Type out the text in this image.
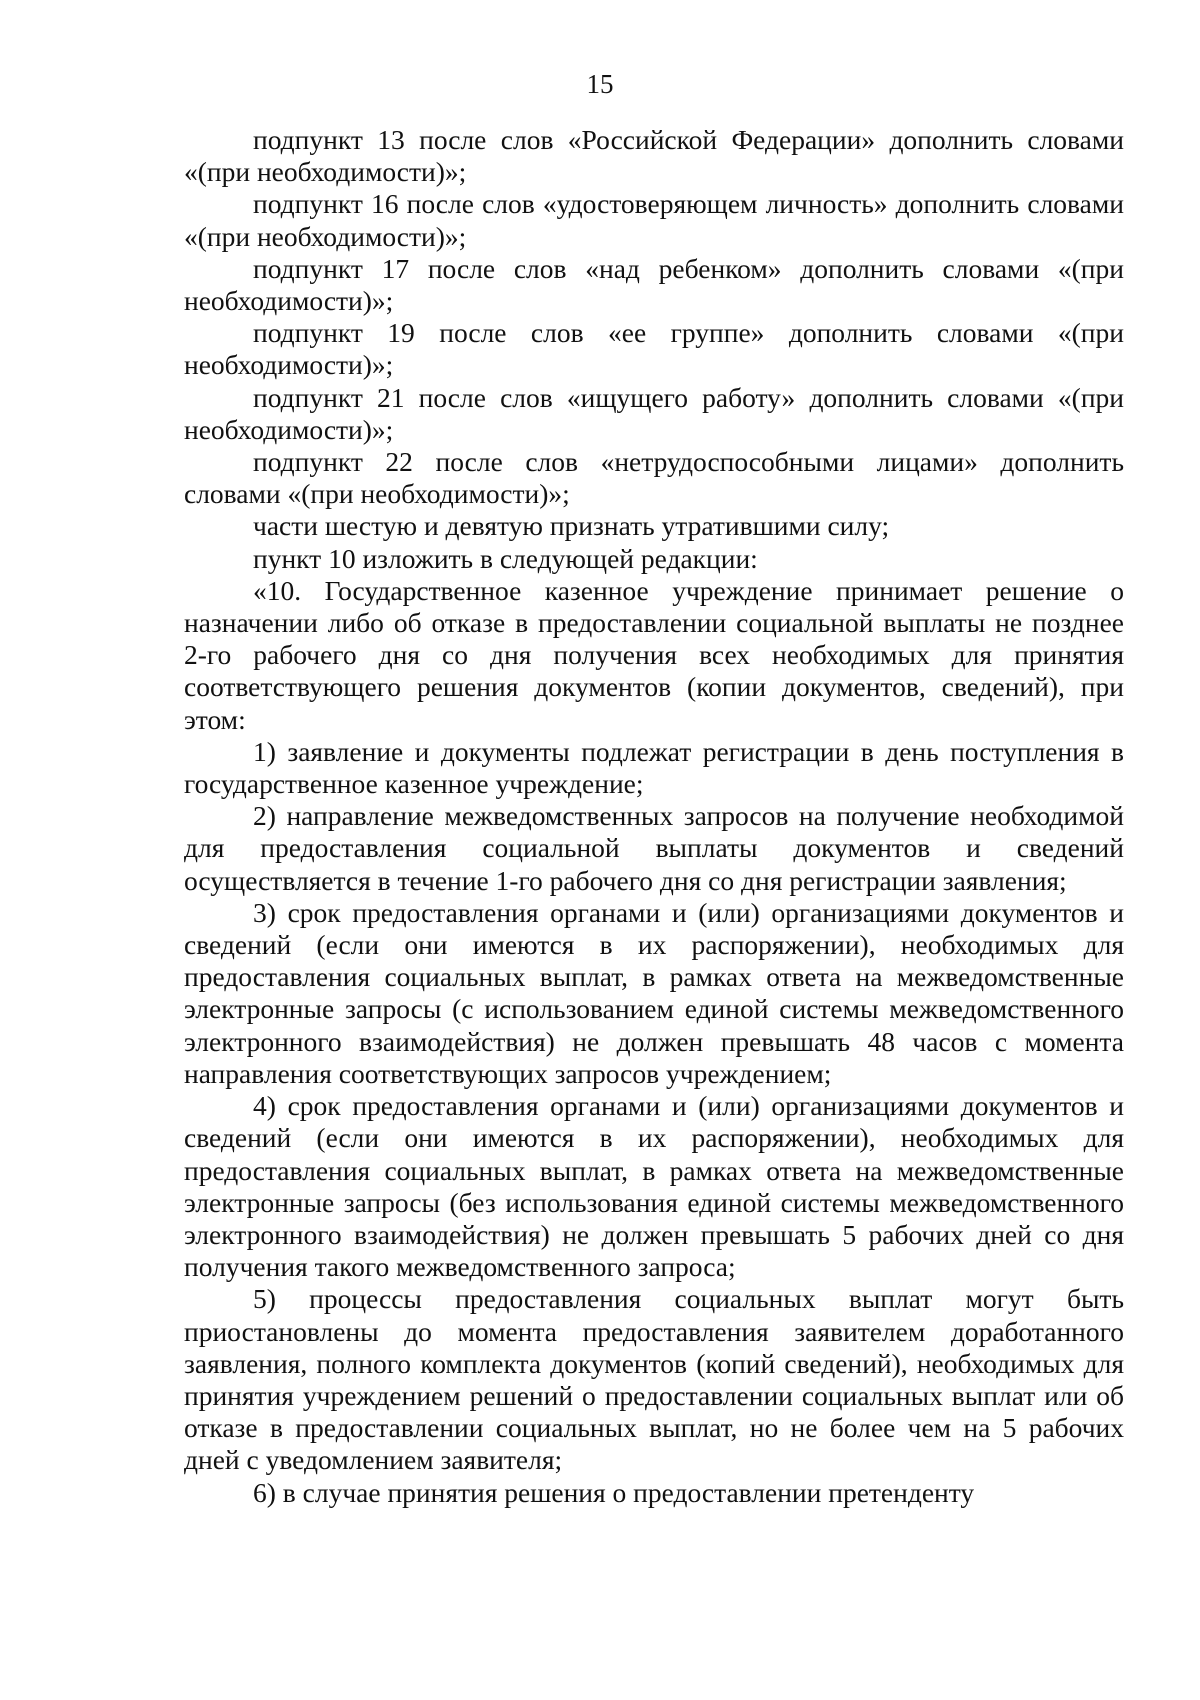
15

подпункт 13 после слов «Российской Федерации» дополнить словами «(при необходимости)»;

подпункт 16 после слов «удостоверяющем личность» дополнить словами «(при необходимости)»;

подпункт 17 после слов «над ребенком» дополнить словами «(при необходимости)»;

подпункт 19 после слов «ее группе» дополнить словами «(при необходимости)»;

подпункт 21 после слов «ищущего работу» дополнить словами «(при необходимости)»;

подпункт 22 после слов «нетрудоспособными лицами» дополнить словами «(при необходимости)»;

части шестую и девятую признать утратившими силу;

пункт 10 изложить в следующей редакции:

«10. Государственное казенное учреждение принимает решение о назначении либо об отказе в предоставлении социальной выплаты не позднее 2-го рабочего дня со дня получения всех необходимых для принятия соответствующего решения документов (копии документов, сведений), при этом:

1) заявление и документы подлежат регистрации в день поступления в государственное казенное учреждение;

2) направление межведомственных запросов на получение необходимой для предоставления социальной выплаты документов и сведений осуществляется в течение 1-го рабочего дня со дня регистрации заявления;

3) срок предоставления органами и (или) организациями документов и сведений (если они имеются в их распоряжении), необходимых для предоставления социальных выплат, в рамках ответа на межведомственные электронные запросы (с использованием единой системы межведомственного электронного взаимодействия) не должен превышать 48 часов с момента направления соответствующих запросов учреждением;

4) срок предоставления органами и (или) организациями документов и сведений (если они имеются в их распоряжении), необходимых для предоставления социальных выплат, в рамках ответа на межведомственные электронные запросы (без использования единой системы межведомственного электронного взаимодействия) не должен превышать 5 рабочих дней со дня получения такого межведомственного запроса;

5) процессы предоставления социальных выплат могут быть приостановлены до момента предоставления заявителем доработанного заявления, полного комплекта документов (копий сведений), необходимых для принятия учреждением решений о предоставлении социальных выплат или об отказе в предоставлении социальных выплат, но не более чем на 5 рабочих дней с уведомлением заявителя;

6) в случае принятия решения о предоставлении претенденту
